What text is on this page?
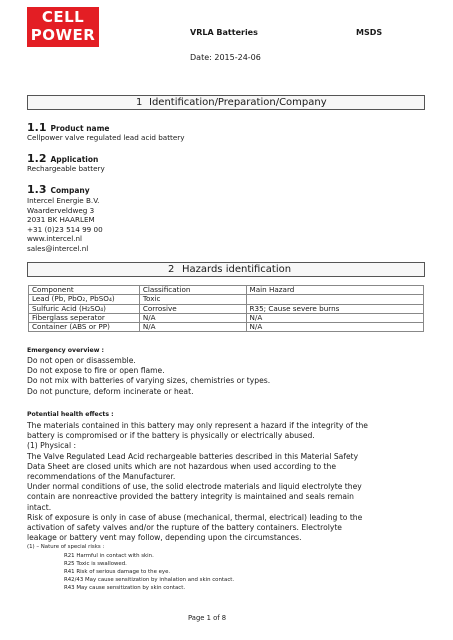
CELL
POWER	VRLA Batteries	MSDS
Date: 2015-24-06
1 Identification/Preparation/Company
1.1 Product name
Cellpower valve regulated lead acid battery
1.2 Application
Rechargeable battery
1.3 Company
Intercel Energie B.V.
Waarderveldweg 3
2031 BK HAARLEM
+31 (0)23 514 99 00
www.intercel.nl
sales@intercel.nl
2 Hazards identification
Component	Classification	Main Hazard
Lead (Pb, PbO₂, PbSO₄)	Toxic	
Sulfuric Acid (H₂SO₄)	Corrosive	R35; Cause severe burns
Fiberglass seperator	N/A	N/A
Container (ABS or PP)	N/A	N/A
Emergency overview :
Do not open or disassemble.
Do not expose to fire or open flame.
Do not mix with batteries of varying sizes, chemistries or types.
Do not puncture, deform incinerate or heat.
Potential health effects :
The materials contained in this battery may only represent a hazard if the integrity of the
battery is compromised or if the battery is physically or electrically abused.
(1) Physical :
The Valve Regulated Lead Acid rechargeable batteries described in this Material Safety
Data Sheet are closed units which are not hazardous when used according to the
recommendations of the Manufacturer.
Under normal conditions of use, the solid electrode materials and liquid electrolyte they
contain are nonreactive provided the battery integrity is maintained and seals remain
intact.
Risk of exposure is only in case of abuse (mechanical, thermal, electrical) leading to the
activation of safety valves and/or the rupture of the battery containers. Electrolyte
leakage or battery vent may follow, depending upon the circumstances.
(1) – Nature of special risks :
R21 Harmful in contact with skin.
R25 Toxic is swallowed.
R41 Risk of serious damage to the eye.
R42/43 May cause sensitization by inhalation and skin contact.
R43 May cause sensitization by skin contact.
Page 1 of 8
